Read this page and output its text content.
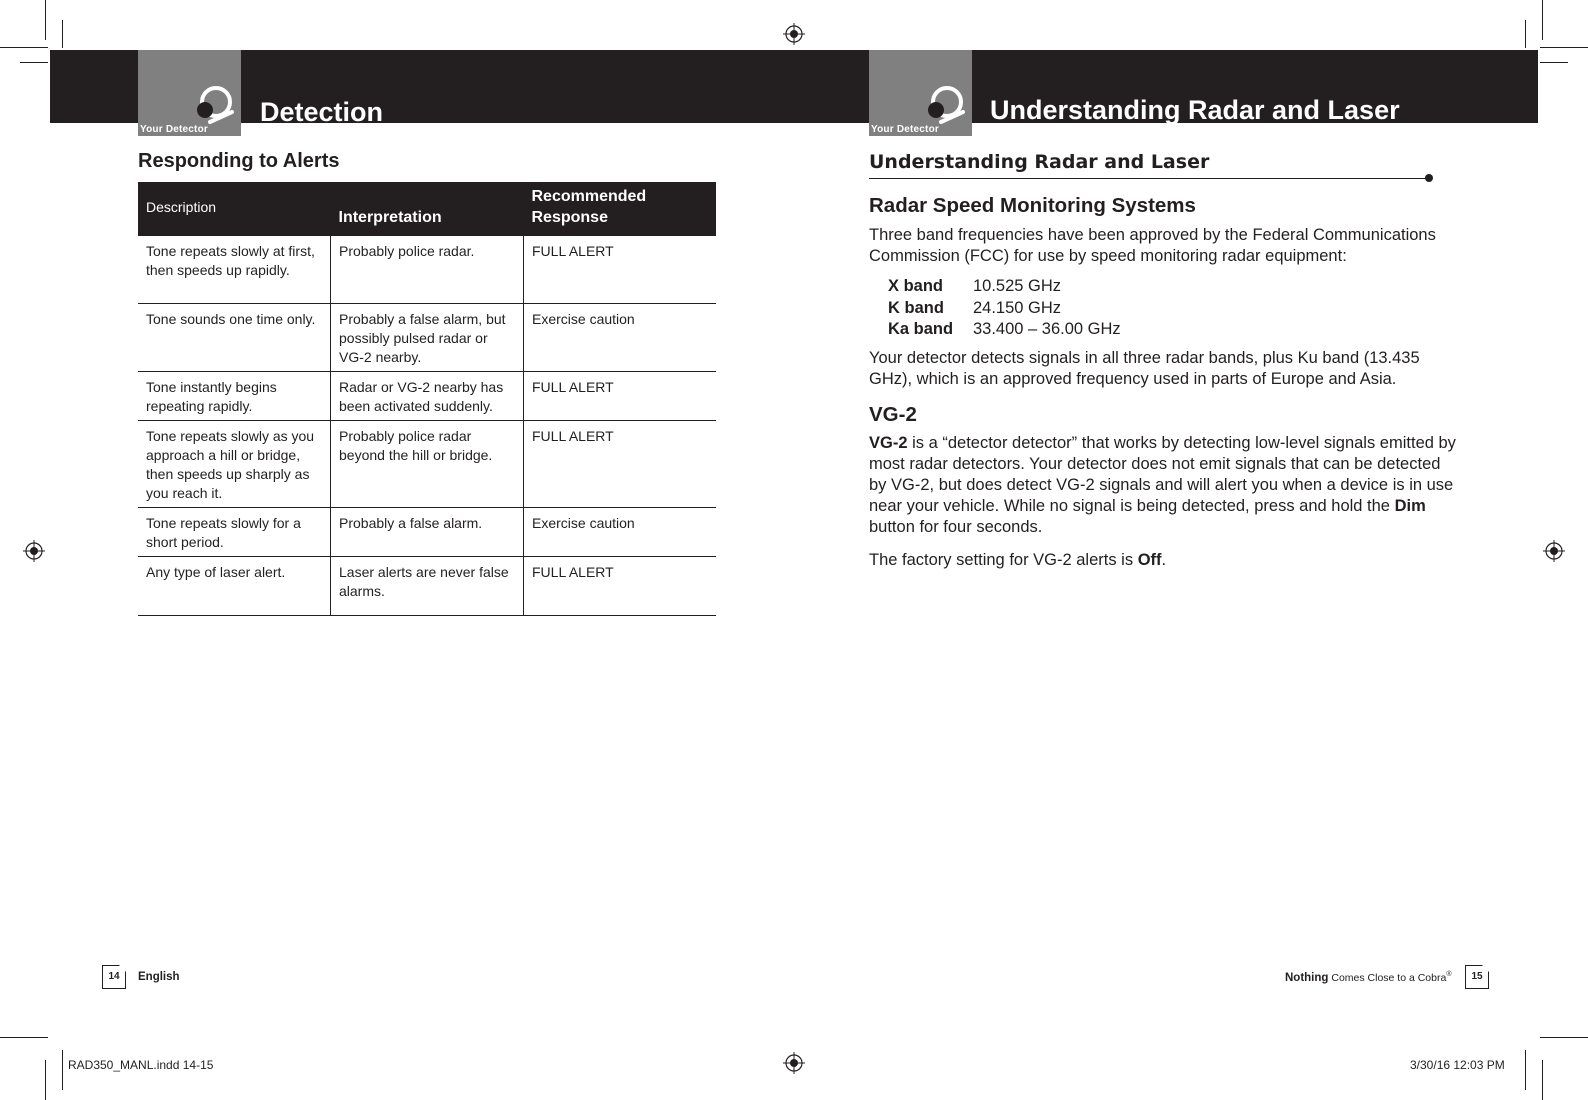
Your Detector
Detection
Your Detector
Understanding Radar and Laser
Responding to Alerts
Description	Interpretation	Recommended Response
Tone repeats slowly at first, then speeds up rapidly.	Probably police radar.	FULL ALERT
Tone sounds one time only.	Probably a false alarm, but possibly pulsed radar or VG-2 nearby.	Exercise caution
Tone instantly begins repeating rapidly.	Radar or VG-2 nearby has been activated suddenly.	FULL ALERT
Tone repeats slowly as you approach a hill or bridge, then speeds up sharply as you reach it.	Probably police radar beyond the hill or bridge.	FULL ALERT
Tone repeats slowly for a short period.	Probably a false alarm.	Exercise caution
Any type of laser alert.	Laser alerts are never false alarms.	FULL ALERT
Understanding Radar and Laser
Radar Speed Monitoring Systems
Three band frequencies have been approved by the Federal Communications Commission (FCC) for use by speed monitoring radar equipment:
X band	10.525 GHz
K band	24.150 GHz
Ka band	33.400 – 36.00 GHz
Your detector detects signals in all three radar bands, plus Ku band (13.435 GHz), which is an approved frequency used in parts of Europe and Asia.
VG-2
VG-2 is a “detector detector” that works by detecting low-level signals emitted by most radar detectors. Your detector does not emit signals that can be detected by VG-2, but does detect VG-2 signals and will alert you when a device is in use near your vehicle. While no signal is being detected, press and hold the Dim button for four seconds.
The factory setting for VG-2 alerts is Off.
14	English	Nothing Comes Close to a Cobra®	15
RAD350_MANL.indd 14-15	3/30/16 12:03 PM
